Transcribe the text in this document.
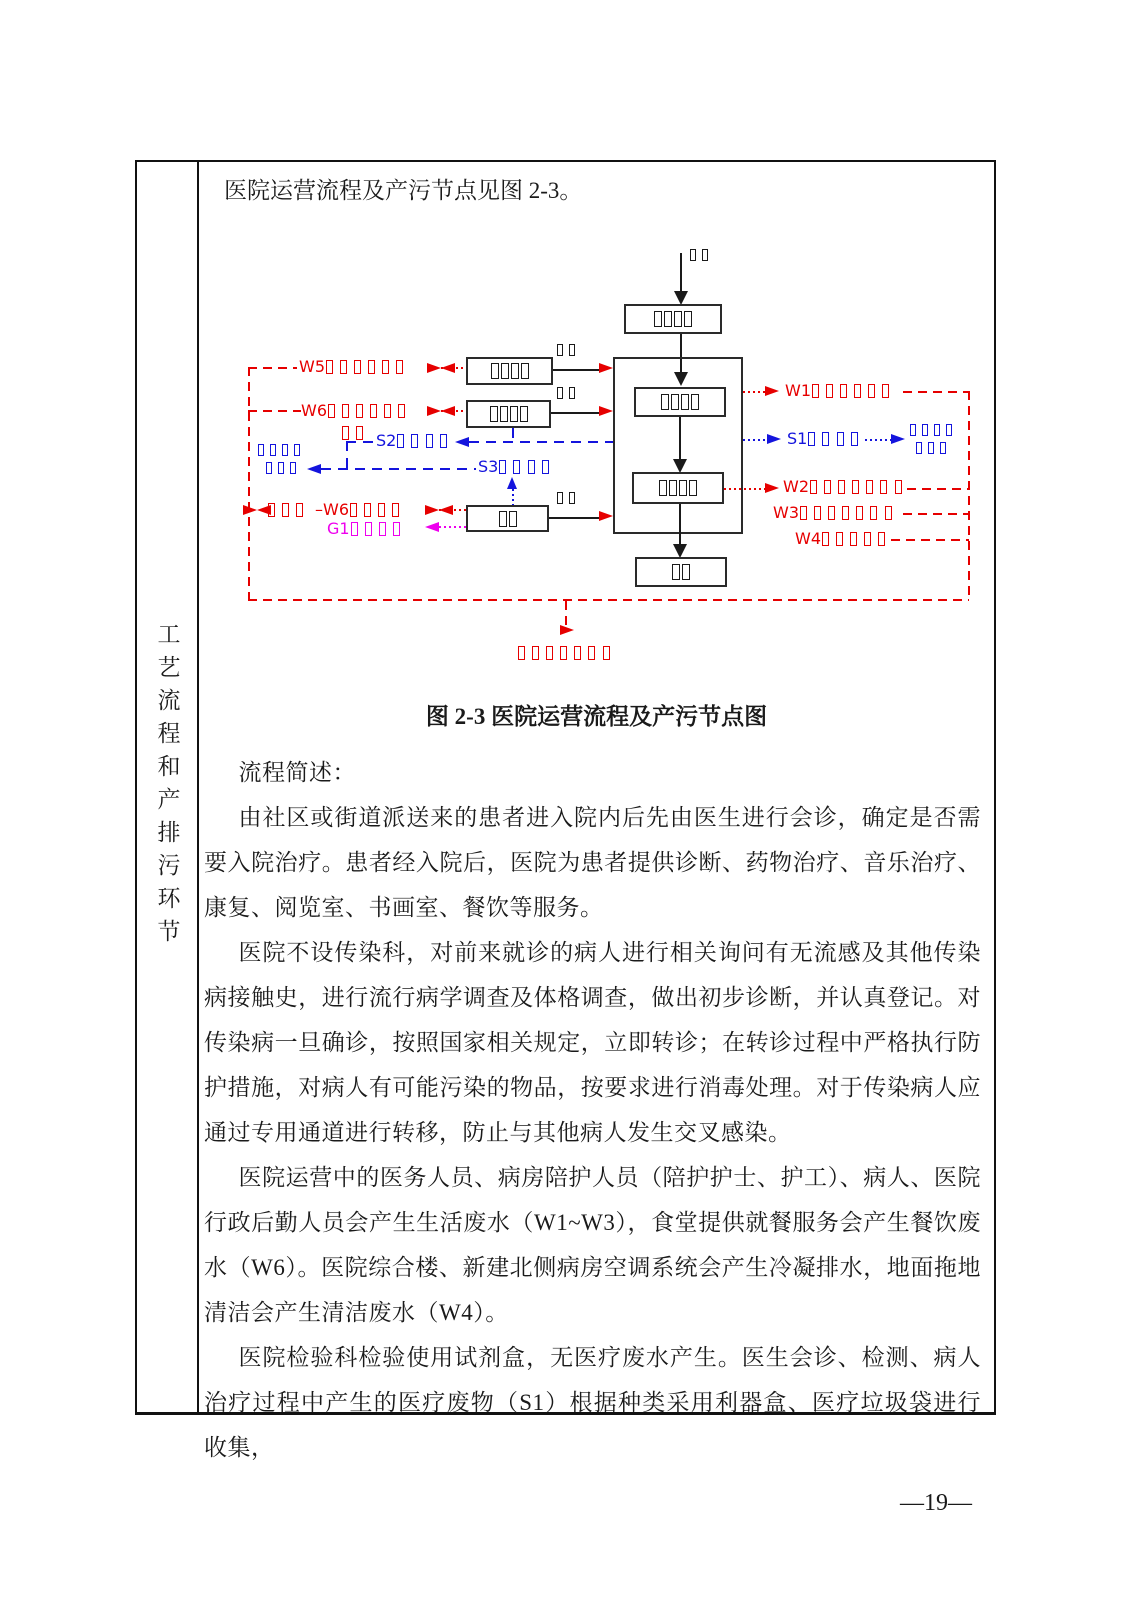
工艺流程和产排污环节
医院运营流程及产污节点见图 2-3。

W5

W6

S2

S3

–	–W6
G1
W1
S1

W2
W3
W4

图 2-3 医院运营流程及产污节点图

流程简述：

由社区或街道派送来的患者进入院内后先由医生进行会诊，确定是否需要入院治疗。患者经入院后，医院为患者提供诊断、药物治疗、音乐治疗、康复、阅览室、书画室、餐饮等服务。

医院不设传染科，对前来就诊的病人进行相关询问有无流感及其他传染病接触史，进行流行病学调查及体格调查，做出初步诊断，并认真登记。对传染病一旦确诊，按照国家相关规定，立即转诊；在转诊过程中严格执行防护措施，对病人有可能污染的物品，按要求进行消毒处理。对于传染病人应通过专用通道进行转移，防止与其他病人发生交叉感染。

医院运营中的医务人员、病房陪护人员（陪护护士、护工）、病人、医院行政后勤人员会产生生活废水（W1~W3），食堂提供就餐服务会产生餐饮废水（W6）。医院综合楼、新建北侧病房空调系统会产生冷凝排水，地面拖地清洁会产生清洁废水（W4）。

医院检验科检验使用试剂盒，无医疗废水产生。医生会诊、检测、病人治疗过程中产生的医疗废物（S1）根据种类采用利器盒、医疗垃圾袋进行收集，

—19—
